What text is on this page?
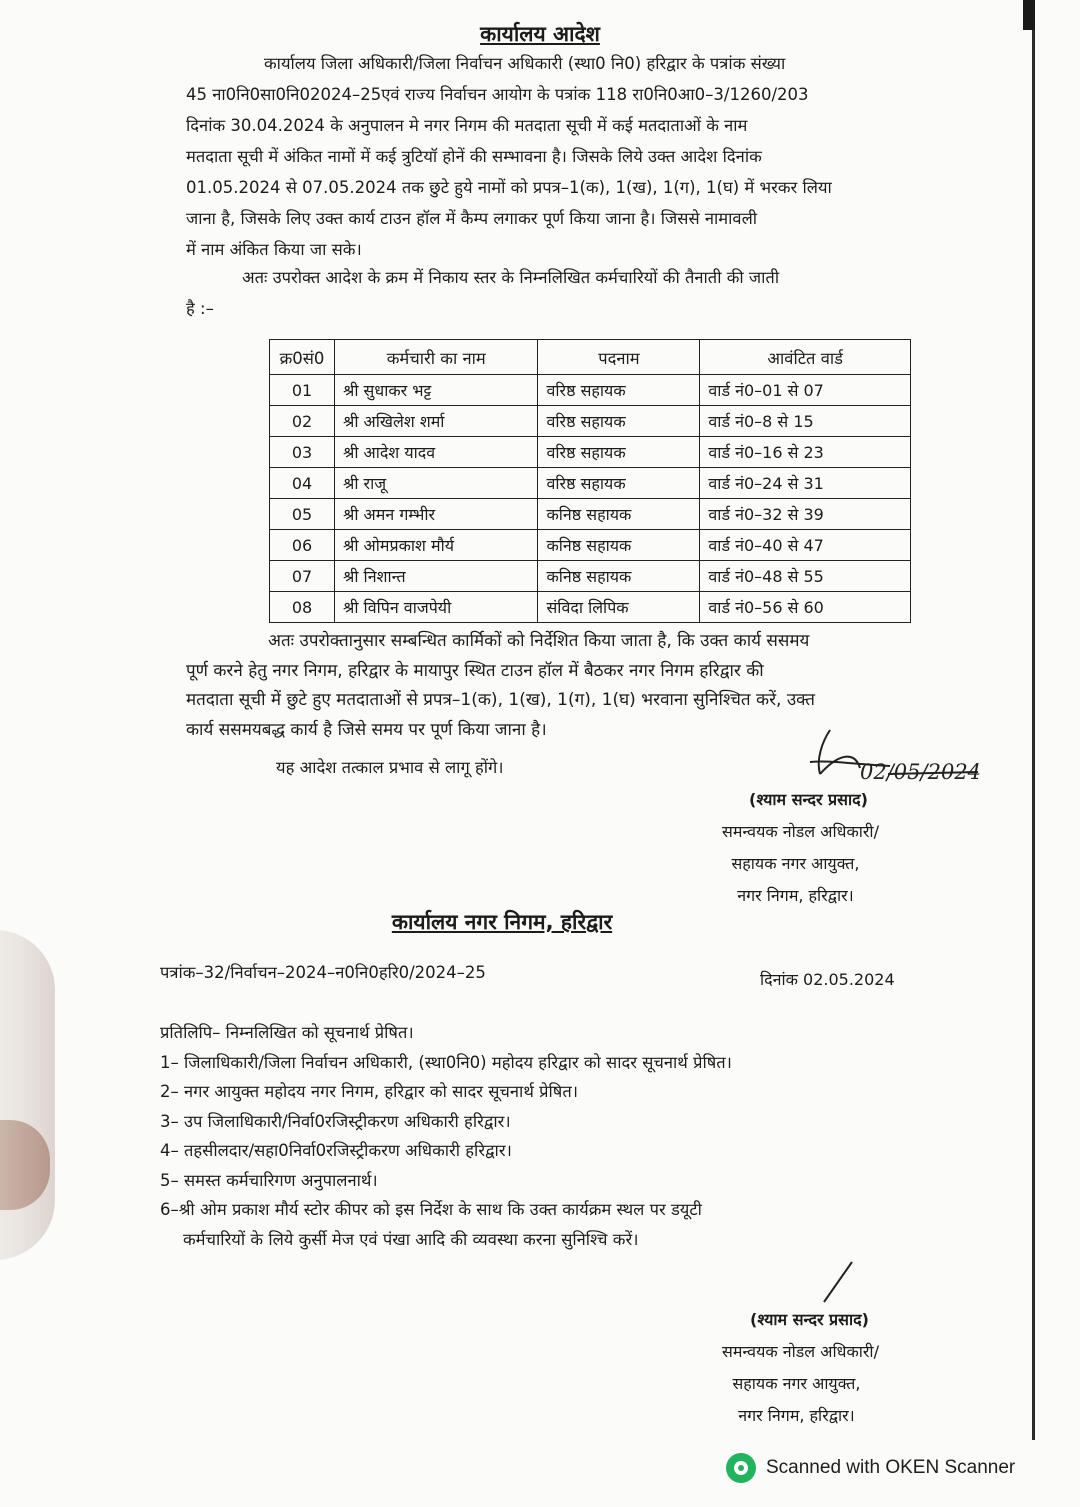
कार्यालय आदेश
कार्यालय जिला अधिकारी/जिला निर्वाचन अधिकारी (स्था0 नि0) हरिद्वार के पत्रांक संख्या
45 ना0नि0सा0नि02024–25एवं राज्य निर्वाचन आयोग के पत्रांक 118 रा0नि0आ0–3/1260/203
दिनांक 30.04.2024 के अनुपालन मे नगर निगम की मतदाता सूची में कई मतदाताओं के नाम
मतदाता सूची में अंकित नामों में कई त्रुटियॉ होनें की सम्भावना है। जिसके लिये उक्त आदेश दिनांक
01.05.2024 से 07.05.2024 तक छुटे हुये नामों को प्रपत्र–1(क), 1(ख), 1(ग), 1(घ) में भरकर लिया
जाना है, जिसके लिए उक्त कार्य टाउन हॉल में कैम्प लगाकर पूर्ण किया जाना है। जिससे नामावली
में नाम अंकित किया जा सके।
अतः उपरोक्त आदेश के क्रम में निकाय स्तर के निम्नलिखित कर्मचारियों की तैनाती की जाती
है :–
क्र0सं0	कर्मचारी का नाम	पदनाम	आवंटित वार्ड
01	श्री सुधाकर भट्ट	वरिष्ठ सहायक	वार्ड नं0–01 से 07
02	श्री अखिलेश शर्मा	वरिष्ठ सहायक	वार्ड नं0–8 से 15
03	श्री आदेश यादव	वरिष्ठ सहायक	वार्ड नं0–16 से 23
04	श्री राजू	वरिष्ठ सहायक	वार्ड नं0–24 से 31
05	श्री अमन गम्भीर	कनिष्ठ सहायक	वार्ड नं0–32 से 39
06	श्री ओमप्रकाश मौर्य	कनिष्ठ सहायक	वार्ड नं0–40 से 47
07	श्री निशान्त	कनिष्ठ सहायक	वार्ड नं0–48 से 55
08	श्री विपिन वाजपेयी	संविदा लिपिक	वार्ड नं0–56 से 60
अतः उपरोक्तानुसार सम्बन्धित कार्मिकों को निर्देशित किया जाता है, कि उक्त कार्य ससमय
पूर्ण करने हेतु नगर निगम, हरिद्वार के मायापुर स्थित टाउन हॉल में बैठकर नगर निगम हरिद्वार की
मतदाता सूची में छुटे हुए मतदाताओं से प्रपत्र–1(क), 1(ख), 1(ग), 1(घ) भरवाना सुनिश्चित करें, उक्त
कार्य ससमयबद्ध कार्य है जिसे समय पर पूर्ण किया जाना है।
यह आदेश तत्काल प्रभाव से लागू होंगे।	02/05/2024
(श्याम सन्दर प्रसाद)
समन्वयक नोडल अधिकारी/
सहायक नगर आयुक्त,
नगर निगम, हरिद्वार।
कार्यालय नगर निगम, हरिद्वार
पत्रांक–32/निर्वाचन–2024–न0नि0हरि0/2024–25	दिनांक 02.05.2024
प्रतिलिपि– निम्नलिखित को सूचनार्थ प्रेषित।
1– जिलाधिकारी/जिला निर्वाचन अधिकारी, (स्था0नि0) महोदय हरिद्वार को सादर सूचनार्थ प्रेषित।
2– नगर आयुक्त महोदय नगर निगम, हरिद्वार को सादर सूचनार्थ प्रेषित।
3– उप जिलाधिकारी/निर्वा0रजिस्ट्रीकरण अधिकारी हरिद्वार।
4– तहसीलदार/सहा0निर्वा0रजिस्ट्रीकरण अधिकारी हरिद्वार।
5– समस्त कर्मचारिगण अनुपालनार्थ।
6–श्री ओम प्रकाश मौर्य स्टोर कीपर को इस निर्देश के साथ कि उक्त कार्यक्रम स्थल पर डयूटी
कर्मचारियों के लिये कुर्सी मेज एवं पंखा आदि की व्यवस्था करना सुनिश्चि करें।
(श्याम सन्दर प्रसाद)
समन्वयक नोडल अधिकारी/
सहायक नगर आयुक्त,
नगर निगम, हरिद्वार।
Scanned with OKEN Scanner
